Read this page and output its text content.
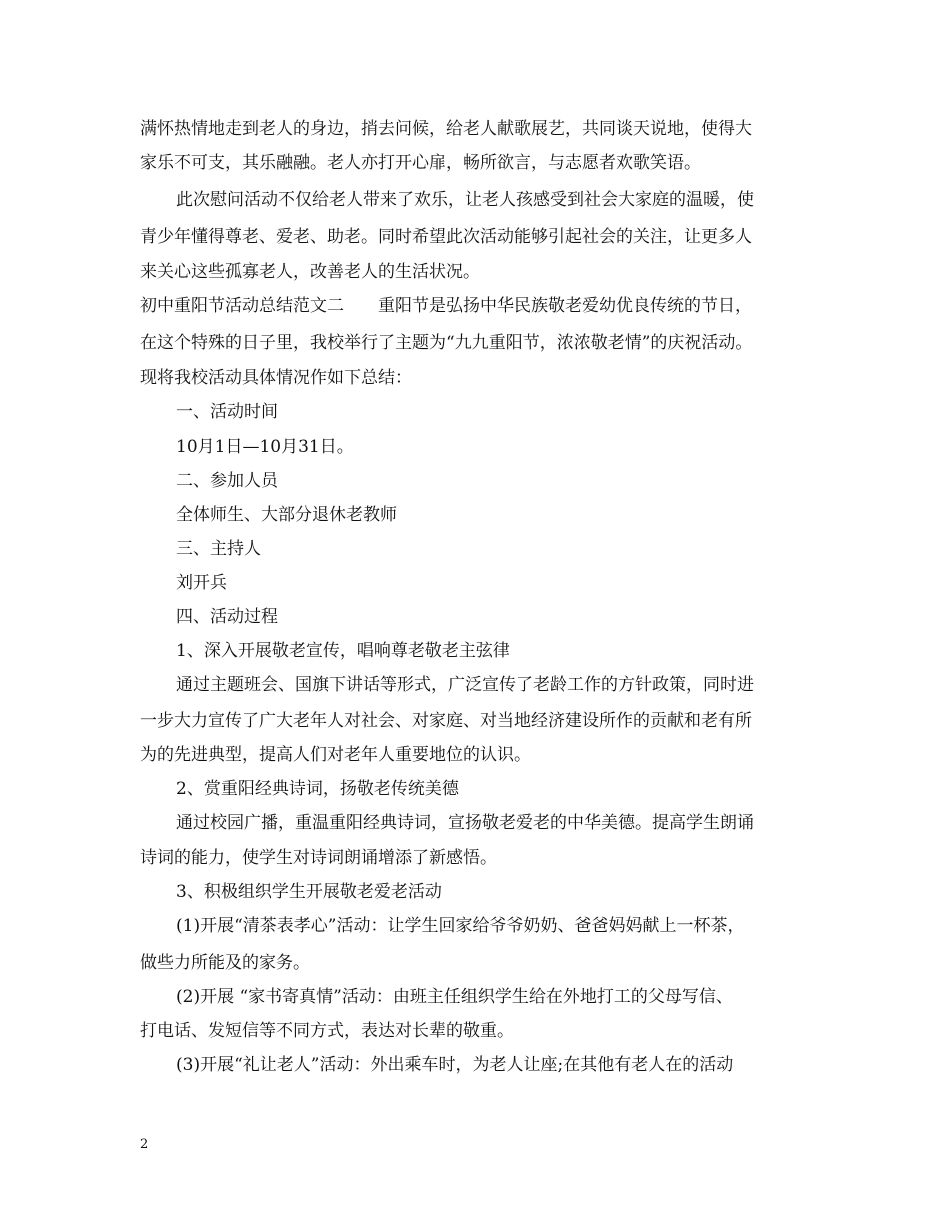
满怀热情地走到老人的身边，捎去问候，给老人献歌展艺，共同谈天说地，使得大
家乐不可支，其乐融融。老人亦打开心扉，畅所欲言，与志愿者欢歌笑语。
此次慰问活动不仅给老人带来了欢乐，让老人孩感受到社会大家庭的温暖，使
青少年懂得尊老、爱老、助老。同时希望此次活动能够引起社会的关注，让更多人
来关心这些孤寡老人，改善老人的生活状况。
初中重阳节活动总结范文二　　重阳节是弘扬中华民族敬老爱幼优良传统的节日，
在这个特殊的日子里，我校举行了主题为“九九重阳节，浓浓敬老情”的庆祝活动。
现将我校活动具体情况作如下总结：
一、活动时间
10月1日—10月31日。
二、参加人员
全体师生、大部分退休老教师
三、主持人
刘开兵
四、活动过程
1、深入开展敬老宣传，唱响尊老敬老主弦律
通过主题班会、国旗下讲话等形式，广泛宣传了老龄工作的方针政策，同时进
一步大力宣传了广大老年人对社会、对家庭、对当地经济建设所作的贡献和老有所
为的先进典型，提高人们对老年人重要地位的认识。
2、赏重阳经典诗词，扬敬老传统美德
通过校园广播，重温重阳经典诗词，宣扬敬老爱老的中华美德。提高学生朗诵
诗词的能力，使学生对诗词朗诵增添了新感悟。
3、积极组织学生开展敬老爱老活动
(1)开展“清茶表孝心”活动：让学生回家给爷爷奶奶、爸爸妈妈献上一杯茶，
做些力所能及的家务。
(2)开展 “家书寄真情”活动：由班主任组织学生给在外地打工的父母写信、
打电话、发短信等不同方式，表达对长辈的敬重。
(3)开展“礼让老人”活动：外出乘车时，为老人让座;在其他有老人在的活动
2
